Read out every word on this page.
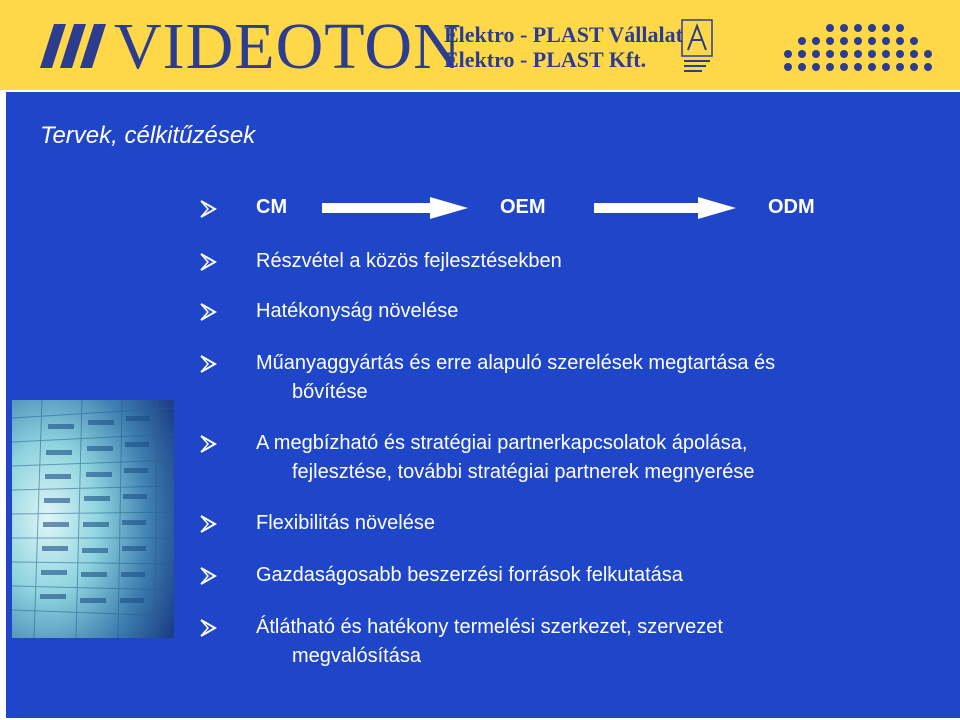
VIDEOTON
Elektro - PLAST Vállalat
Elektro - PLAST Kft.
Tervek, célkitűzések
CM	OEM	ODM
Részvétel a közös fejlesztésekben
Hatékonyság növelése
Műanyaggyártás és erre alapuló szerelések megtartása és
bővítése
A megbízható és stratégiai partnerkapcsolatok ápolása,
fejlesztése, további stratégiai partnerek megnyerése
Flexibilitás növelése
Gazdaságosabb beszerzési források felkutatása
Átlátható és hatékony termelési szerkezet, szervezet
megvalósítása
